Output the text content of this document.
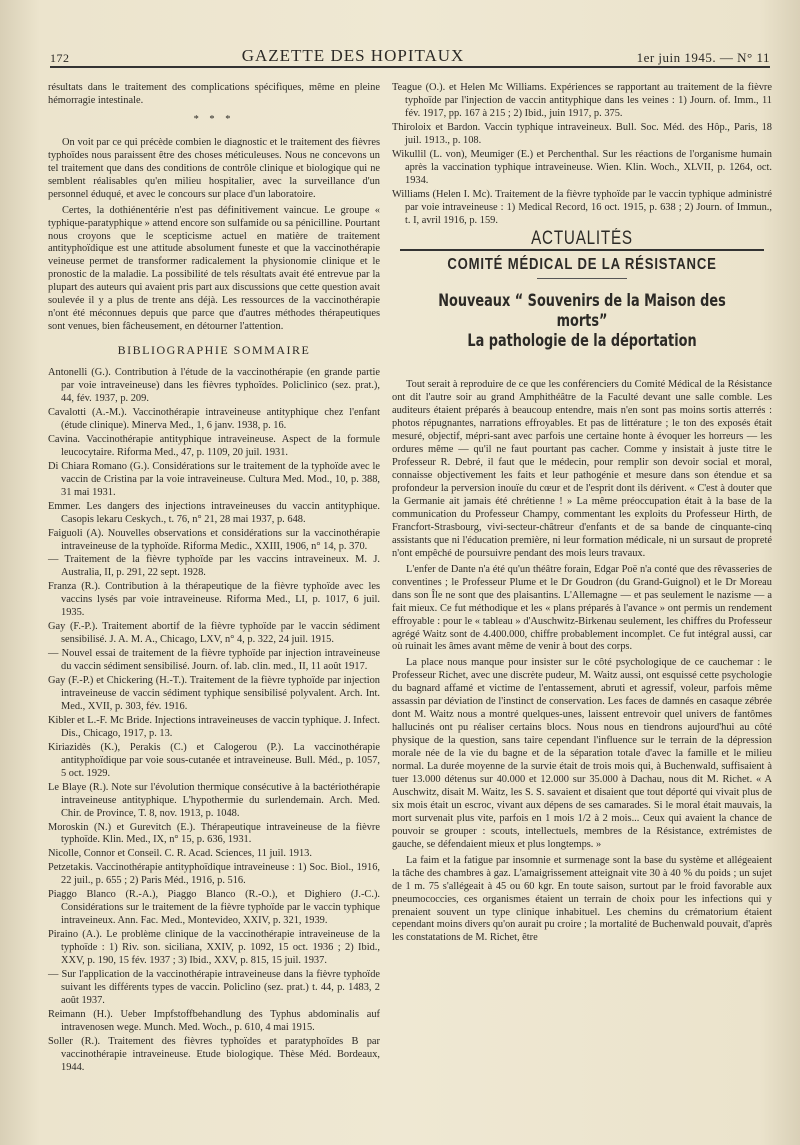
172	GAZETTE DES HOPITAUX	1er juin 1945. — N° 11

résultats dans le traitement des complications spécifiques, même en pleine hémorragie intestinale.

* * *

On voit par ce qui précède combien le diagnostic et le traitement des fièvres typhoïdes nous paraissent être des choses méticuleuses. Nous ne concevons un tel traitement que dans des conditions de contrôle clinique et biologique qui ne semblent réalisables qu'en milieu hospitalier, avec la surveillance d'un personnel éduqué, et avec le concours sur place d'un laboratoire.

Certes, la dothiénentérie n'est pas définitivement vaincue. Le groupe « typhique-paratyphique » attend encore son sulfamide ou sa pénicilline. Pourtant nous croyons que le scepticisme actuel en matière de traitement antityphoïdique est une attitude absolument funeste et que la vaccinothérapie veineuse permet de transformer radicalement la physionomie clinique et le pronostic de la maladie. La possibilité de tels résultats avait été entrevue par la plupart des auteurs qui avaient pris part aux discussions que cette question avait soulevée il y a plus de trente ans déjà. Les ressources de la vaccinothérapie n'ont été méconnues depuis que parce que d'autres méthodes thérapeutiques sont venues, bien fâcheusement, en détourner l'attention.

BIBLIOGRAPHIE SOMMAIRE

Antonelli (G.). Contribution à l'étude de la vaccinothérapie (en grande partie par voie intraveineuse) dans les fièvres typhoïdes. Policlinico (sez. prat.), 44, fév. 1937, p. 209.

Cavalotti (A.-M.). Vaccinothérapie intraveineuse antityphique chez l'enfant (étude clinique). Minerva Med., 1, 6 janv. 1938, p. 16.

Cavina. Vaccinothérapie antityphique intraveineuse. Aspect de la formule leucocytaire. Riforma Med., 47, p. 1109, 20 juil. 1931.

Di Chiara Romano (G.). Considérations sur le traitement de la typhoïde avec le vaccin de Cristina par la voie intraveineuse. Cultura Med. Mod., 10, p. 388, 31 mai 1931.

Emmer. Les dangers des injections intraveineuses du vaccin antityphique. Casopis lekaru Ceskych., t. 76, n° 21, 28 mai 1937, p. 648.

Faiguoli (A). Nouvelles observations et considérations sur la vaccinothérapie intraveineuse de la typhoïde. Riforma Medic., XXIII, 1906, n° 14, p. 370.

— Traitement de la fièvre typhoïde par les vaccins intraveineux. M. J. Australia, II, p. 291, 22 sept. 1928.

Franza (R.). Contribution à la thérapeutique de la fièvre typhoïde avec les vaccins lysés par voie intraveineuse. Riforma Med., LI, p. 1017, 6 juil. 1935.

Gay (F.-P.). Traitement abortif de la fièvre typhoïde par le vaccin sédiment sensibilisé. J. A. M. A., Chicago, LXV, n° 4, p. 322, 24 juil. 1915.

— Nouvel essai de traitement de la fièvre typhoïde par injection intraveineuse du vaccin sédiment sensibilisé. Journ. of. lab. clin. med., II, 11 août 1917.

Gay (F.-P.) et Chickering (H.-T.). Traitement de la fièvre typhoïde par injection intraveineuse de vaccin sédiment typhique sensibilisé polyvalent. Arch. Int. Med., XVII, p. 303, fév. 1916.

Kibler et L.-F. Mc Bride. Injections intraveineuses de vaccin typhique. J. Infect. Dis., Chicago, 1917, p. 13.

Kiriazidès (K.), Perakis (C.) et Calogerou (P.). La vaccinothérapie antityphoïdique par voie sous-cutanée et intraveineuse. Bull. Méd., p. 1057, 5 oct. 1929.

Le Blaye (R.). Note sur l'évolution thermique consécutive à la bactériothérapie intraveineuse antityphique. L'hypothermie du surlendemain. Arch. Med. Chir. de Province, T. 8, nov. 1913, p. 1048.

Moroskin (N.) et Gurevitch (E.). Thérapeutique intraveineuse de la fièvre typhoïde. Klin. Med., IX, n° 15, p. 636, 1931.

Nicolle, Connor et Conseil. C. R. Acad. Sciences, 11 juil. 1913.

Petzetakis. Vaccinothérapie antityphoïdique intraveineuse : 1) Soc. Biol., 1916, 22 juil., p. 655 ; 2) Paris Méd., 1916, p. 516.

Piaggo Blanco (R.-A.), Piaggo Blanco (R.-O.), et Dighiero (J.-C.). Considérations sur le traitement de la fièvre typhoïde par le vaccin typhique intraveineux. Ann. Fac. Med., Montevideo, XXIV, p. 321, 1939.

Piraino (A.). Le problème clinique de la vaccinothérapie intraveineuse de la typhoïde : 1) Riv. son. siciliana, XXIV, p. 1092, 15 oct. 1936 ; 2) Ibid., XXV, p. 190, 15 fév. 1937 ; 3) Ibid., XXV, p. 815, 15 juil. 1937.

— Sur l'application de la vaccinothérapie intraveineuse dans la fièvre typhoïde suivant les différents types de vaccin. Policlino (sez. prat.) t. 44, p. 1483, 2 août 1937.

Reimann (H.). Ueber Impfstoffbehandlung des Typhus abdominalis auf intravenosen wege. Munch. Med. Woch., p. 610, 4 mai 1915.

Soller (R.). Traitement des fièvres typhoïdes et paratyphoïdes B par vaccinothérapie intraveineuse. Etude biologique. Thèse Méd. Bordeaux, 1944.

Teague (O.). et Helen Mc Williams. Expériences se rapportant au traitement de la fièvre typhoïde par l'injection de vaccin antityphique dans les veines : 1) Journ. of. Imm., 11 fév. 1917, pp. 167 à 215 ; 2) Ibid., juin 1917, p. 375.

Thiroloix et Bardon. Vaccin typhique intraveineux. Bull. Soc. Méd. des Hôp., Paris, 18 juil. 1913., p. 108.

Wikullil (L. von), Meumiger (E.) et Perchenthal. Sur les réactions de l'organisme humain après la vaccination typhique intraveineuse. Wien. Klin. Woch., XLVII, p. 1264, oct. 1934.

Williams (Helen I. Mc). Traitement de la fièvre typhoïde par le vaccin typhique administré par voie intraveineuse : 1) Medical Record, 16 oct. 1915, p. 638 ; 2) Journ. of Immun., t. I, avril 1916, p. 159.

ACTUALITÉS
COMITÉ MÉDICAL DE LA RÉSISTANCE
Nouveaux “ Souvenirs de la Maison des morts”
La pathologie de la déportation

Tout serait à reproduire de ce que les conférenciers du Comité Médical de la Résistance ont dit l'autre soir au grand Amphithéâtre de la Faculté devant une salle comble. Les auditeurs étaient préparés à beaucoup entendre, mais n'en sont pas moins sortis atterrés : photos répugnantes, narrations effroyables. Et pas de littérature ; le ton des exposés était mesuré, objectif, mépri-sant avec parfois une certaine honte à évoquer les horreurs — les ordures même — qu'il ne faut pourtant pas cacher. Comme y insistait à juste titre le Professeur R. Debré, il faut que le médecin, pour remplir son devoir social et moral, connaisse objectivement les faits et leur pathogénie et mesure dans son étendue et sa profondeur la perversion inouïe du cœur et de l'esprit dont ils dérivent. « C'est à douter que la Germanie ait jamais été chrétienne ! » La même préoccupation était à la base de la communication du Professeur Champy, commentant les exploits du Professeur Hirth, de Francfort-Strasbourg, vivi-secteur-châtreur d'enfants et de sa bande de cinquante-cinq assistants que ni l'éducation première, ni leur formation médicale, ni un sursaut de propreté n'ont empêché de poursuivre pendant des mois leurs travaux.

L'enfer de Dante n'a été qu'un théâtre forain, Edgar Poë n'a conté que des rêvasseries de conventines ; le Professeur Plume et le Dr Goudron (du Grand-Guignol) et le Dr Moreau dans son Île ne sont que des plaisantins. L'Allemagne — et pas seulement le nazisme — a fait mieux. Ce fut méthodique et les « plans préparés à l'avance » ont permis un rendement effroyable : pour le « tableau » d'Auschwitz-Birkenau seulement, les chiffres du Professeur agrégé Waitz sont de 4.400.000, chiffre probablement incomplet. Ce fut intégral aussi, car où ruinait les âmes avant même de venir à bout des corps.

La place nous manque pour insister sur le côté psychologique de ce cauchemar : le Professeur Richet, avec une discrète pudeur, M. Waitz aussi, ont esquissé cette psychologie du bagnard affamé et victime de l'entassement, abruti et agressif, voleur, parfois même assassin par déviation de l'instinct de conservation. Les faces de damnés en casaque zébrée dont M. Waitz nous a montré quelques-unes, laissent entrevoir quel univers de fantômes hallucinés ont pu réaliser certains blocs. Nous nous en tiendrons aujourd'hui au côté physique de la question, sans taire cependant l'influence sur le terrain de la dépression morale née de la vie du bagne et de la séparation totale d'avec la famille et le milieu normal. La durée moyenne de la survie était de trois mois qui, à Buchenwald, suffisaient à tuer 13.000 détenus sur 40.000 et 12.000 sur 35.000 à Dachau, nous dit M. Richet. « A Auschwitz, disait M. Waitz, les S. S. savaient et disaient que tout déporté qui vivait plus de six mois était un escroc, vivant aux dépens de ses camarades. Si le moral était mauvais, la mort survenait plus vite, parfois en 1 mois 1/2 à 2 mois... Ceux qui avaient la chance de pouvoir se grouper : scouts, intellectuels, membres de la Résistance, extrémistes de gauche, se défendaient mieux et plus longtemps. »

La faim et la fatigue par insomnie et surmenage sont la base du système et allégeaient la tâche des chambres à gaz. L'amaigrissement atteignait vite 30 à 40 % du poids ; un sujet de 1 m. 75 s'allégeait à 45 ou 60 kgr. En toute saison, surtout par le froid favorable aux pneumococcies, ces organismes étaient un terrain de choix pour les infections qui y prenaient souvent un type clinique inhabituel. Les chemins du crématorium étaient cependant moins divers qu'on aurait pu croire ; la mortalité de Buchenwald pouvait, d'après les constatations de M. Richet, être
